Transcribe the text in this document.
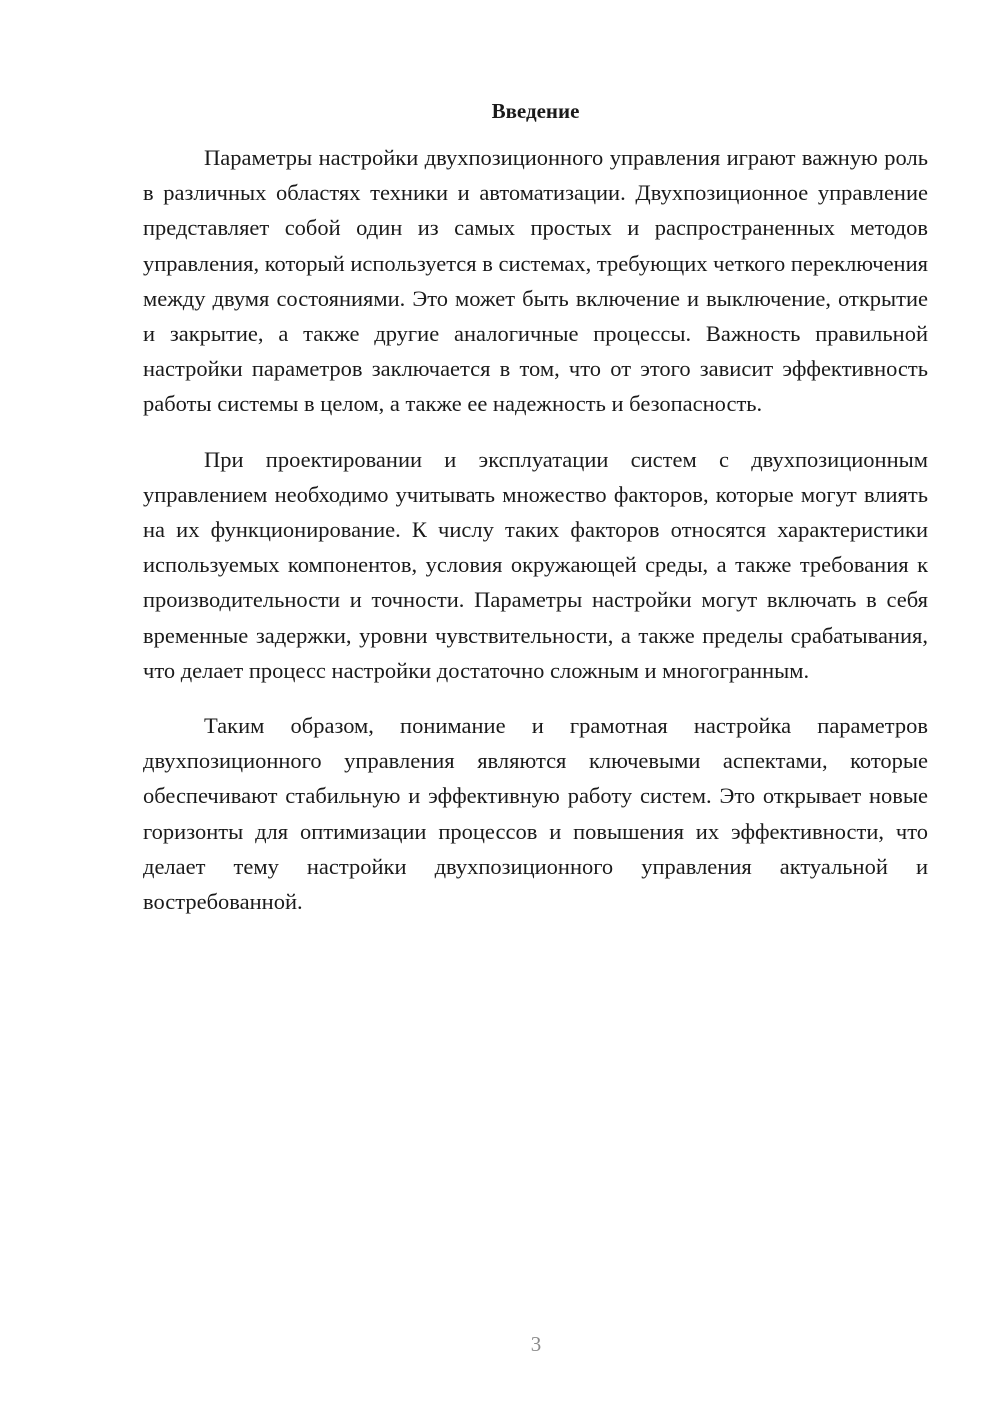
Введение

Параметры настройки двухпозиционного управления играют важную роль в различных областях техники и автоматизации. Двухпозиционное управление представляет собой один из самых простых и распространенных методов управления, который используется в системах, требующих четкого переключения между двумя состояниями. Это может быть включение и выключение, открытие и закрытие, а также другие аналогичные процессы. Важность правильной настройки параметров заключается в том, что от этого зависит эффективность работы системы в целом, а также ее надежность и безопасность.

При проектировании и эксплуатации систем с двухпозиционным управлением необходимо учитывать множество факторов, которые могут влиять на их функционирование. К числу таких факторов относятся характеристики используемых компонентов, условия окружающей среды, а также требования к производительности и точности. Параметры настройки могут включать в себя временные задержки, уровни чувствительности, а также пределы срабатывания, что делает процесс настройки достаточно сложным и многогранным.

Таким образом, понимание и грамотная настройка параметров двухпозиционного управления являются ключевыми аспектами, которые обеспечивают стабильную и эффективную работу систем. Это открывает новые горизонты для оптимизации процессов и повышения их эффективности, что делает тему настройки двухпозиционного управления актуальной и востребованной.

3
